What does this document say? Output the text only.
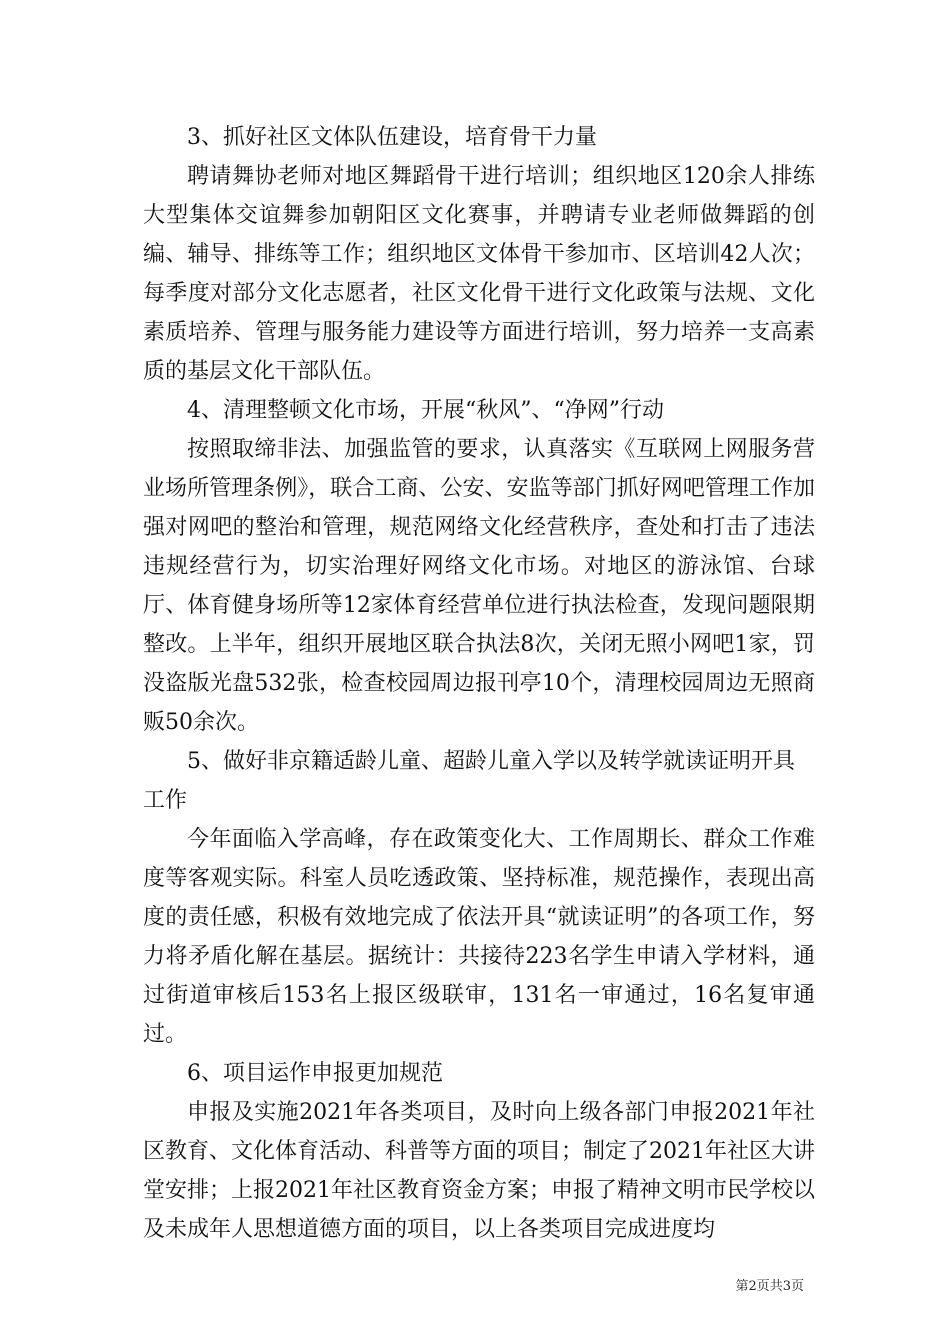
3、抓好社区文体队伍建设，培育骨干力量

聘请舞协老师对地区舞蹈骨干进行培训；组织地区120余人排练大型集体交谊舞参加朝阳区文化赛事，并聘请专业老师做舞蹈的创编、辅导、排练等工作；组织地区文体骨干参加市、区培训42人次；每季度对部分文化志愿者，社区文化骨干进行文化政策与法规、文化素质培养、管理与服务能力建设等方面进行培训，努力培养一支高素质的基层文化干部队伍。

4、清理整顿文化市场，开展“秋风”、“净网”行动

按照取缔非法、加强监管的要求，认真落实《互联网上网服务营业场所管理条例》，联合工商、公安、安监等部门抓好网吧管理工作加强对网吧的整治和管理，规范网络文化经营秩序，查处和打击了违法违规经营行为，切实治理好网络文化市场。对地区的游泳馆、台球厅、体育健身场所等12家体育经营单位进行执法检查，发现问题限期整改。上半年，组织开展地区联合执法8次，关闭无照小网吧1家，罚没盗版光盘532张，检查校园周边报刊亭10个，清理校园周边无照商贩50余次。

5、做好非京籍适龄儿童、超龄儿童入学以及转学就读证明开具工作

今年面临入学高峰，存在政策变化大、工作周期长、群众工作难度等客观实际。科室人员吃透政策、坚持标准，规范操作，表现出高度的责任感，积极有效地完成了依法开具“就读证明”的各项工作，努力将矛盾化解在基层。据统计：共接待223名学生申请入学材料，通过街道审核后153名上报区级联审，131名一审通过，16名复审通过。

6、项目运作申报更加规范

申报及实施2021年各类项目，及时向上级各部门申报2021年社区教育、文化体育活动、科普等方面的项目；制定了2021年社区大讲堂安排；上报2021年社区教育资金方案；申报了精神文明市民学校以及未成年人思想道德方面的项目，以上各类项目完成进度均

第2页共3页
